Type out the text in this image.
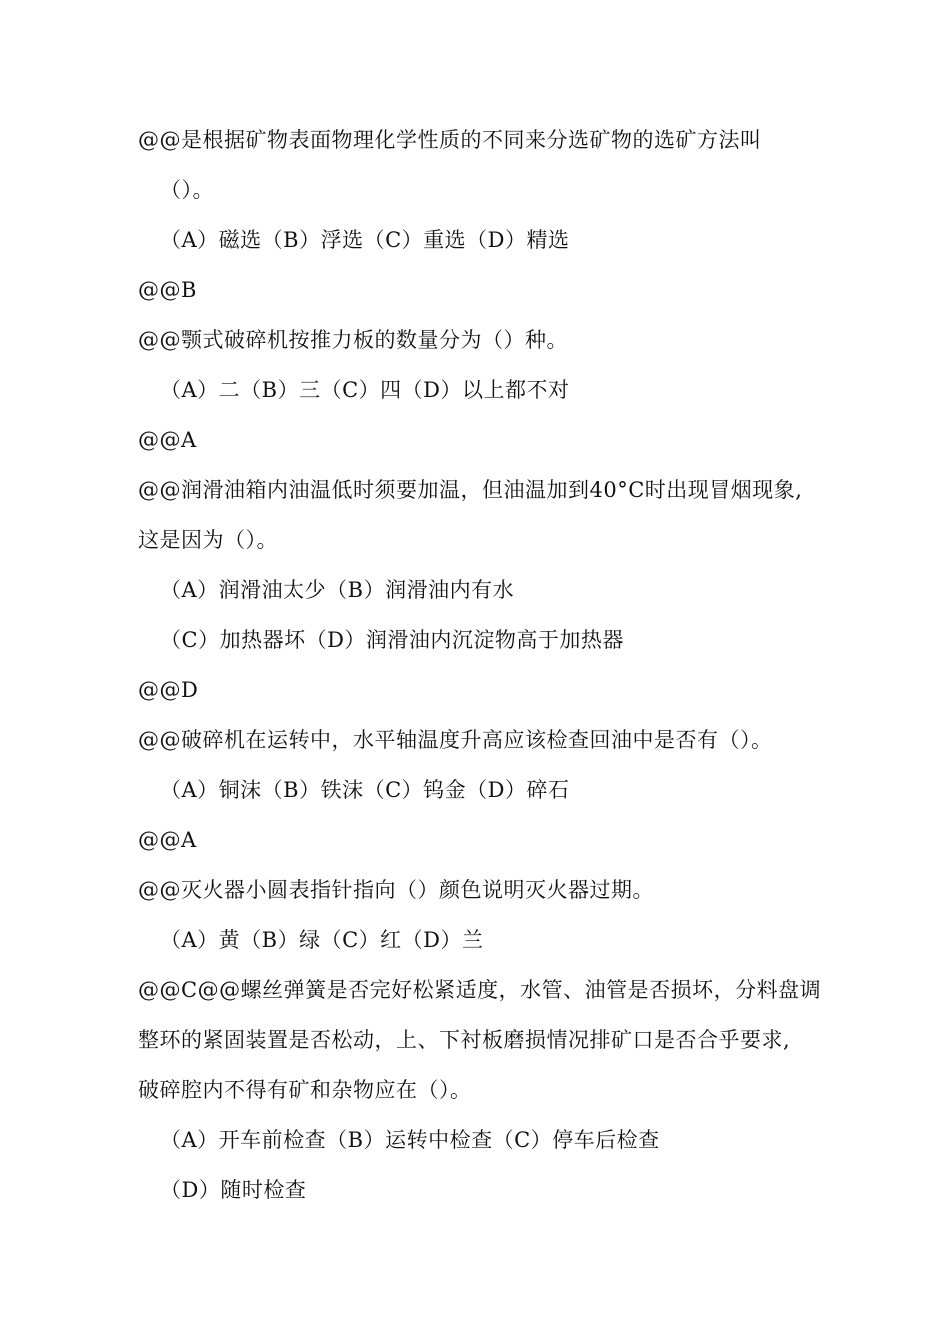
@@是根据矿物表面物理化学性质的不同来分选矿物的选矿方法叫
（）。
（A）磁选（B）浮选（C）重选（D）精选
@@B
@@颚式破碎机按推力板的数量分为（）种。
（A）二（B）三（C）四（D）以上都不对
@@A
@@润滑油箱内油温低时须要加温，但油温加到40°C时出现冒烟现象,
这是因为（）。
（A）润滑油太少（B）润滑油内有水
（C）加热器坏（D）润滑油内沉淀物高于加热器
@@D
@@破碎机在运转中，水平轴温度升高应该检查回油中是否有（）。
（A）铜沫（B）铁沫（C）钨金（D）碎石
@@A
@@灭火器小圆表指针指向（）颜色说明灭火器过期。
（A）黄（B）绿（C）红（D）兰
@@C@@螺丝弹簧是否完好松紧适度，水管、油管是否损坏，分料盘调
整环的紧固装置是否松动，上、下衬板磨损情况排矿口是否合乎要求,
破碎腔内不得有矿和杂物应在（）。
（A）开车前检查（B）运转中检查（C）停车后检查
（D）随时检查
